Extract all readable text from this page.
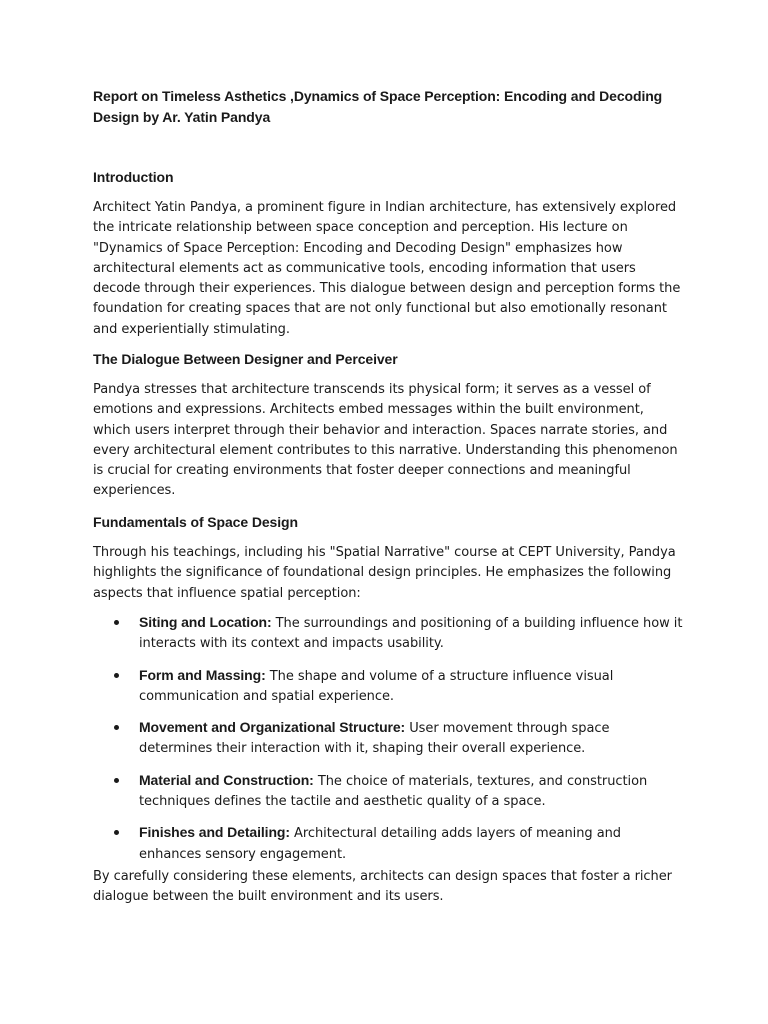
Report on Timeless Asthetics ,Dynamics of Space Perception: Encoding and Decoding Design by Ar. Yatin Pandya
Introduction

Architect Yatin Pandya, a prominent figure in Indian architecture, has extensively explored the intricate relationship between space conception and perception. His lecture on "Dynamics of Space Perception: Encoding and Decoding Design" emphasizes how architectural elements act as communicative tools, encoding information that users decode through their experiences. This dialogue between design and perception forms the foundation for creating spaces that are not only functional but also emotionally resonant and experientially stimulating.

The Dialogue Between Designer and Perceiver

Pandya stresses that architecture transcends its physical form; it serves as a vessel of emotions and expressions. Architects embed messages within the built environment, which users interpret through their behavior and interaction. Spaces narrate stories, and every architectural element contributes to this narrative. Understanding this phenomenon is crucial for creating environments that foster deeper connections and meaningful experiences.

Fundamentals of Space Design

Through his teachings, including his "Spatial Narrative" course at CEPT University, Pandya highlights the significance of foundational design principles. He emphasizes the following aspects that influence spatial perception:

Siting and Location: The surroundings and positioning of a building influence how it interacts with its context and impacts usability.
Form and Massing: The shape and volume of a structure influence visual communication and spatial experience.
Movement and Organizational Structure: User movement through space determines their interaction with it, shaping their overall experience.
Material and Construction: The choice of materials, textures, and construction techniques defines the tactile and aesthetic quality of a space.
Finishes and Detailing: Architectural detailing adds layers of meaning and enhances sensory engagement.

By carefully considering these elements, architects can design spaces that foster a richer dialogue between the built environment and its users.
